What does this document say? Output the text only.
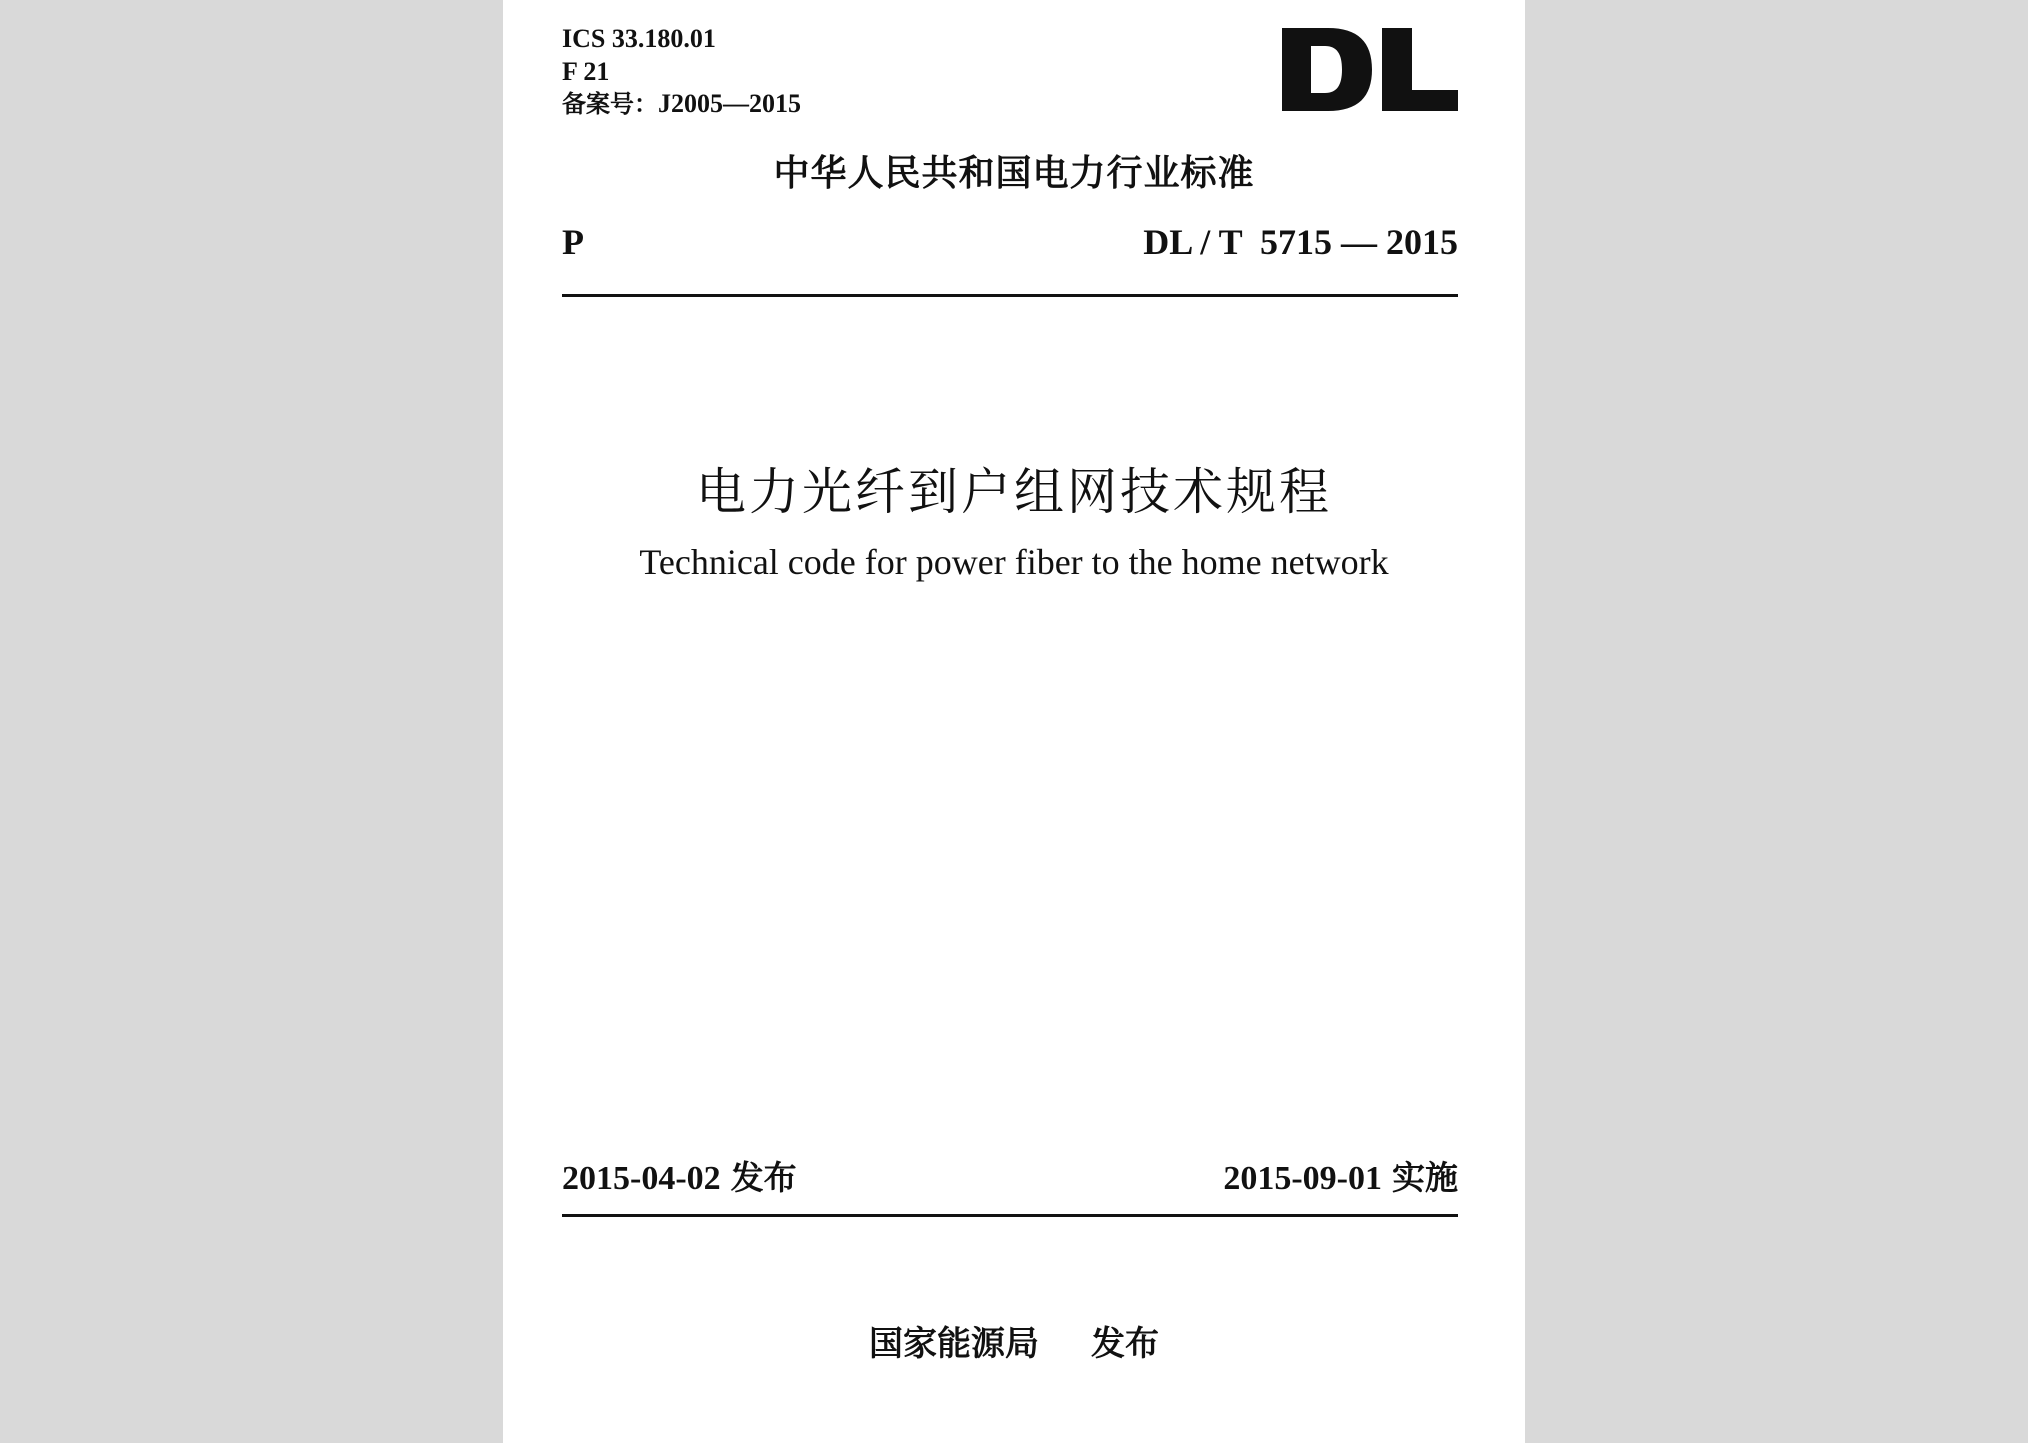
ICS 33.180.01
F 21
备案号：J2005—2015
中华人民共和国电力行业标准
P	DL / T  5715 — 2015
电力光纤到户组网技术规程
Technical code for power fiber to the home network
2015-04-02 发布	2015-09-01 实施
国家能源局 发布
